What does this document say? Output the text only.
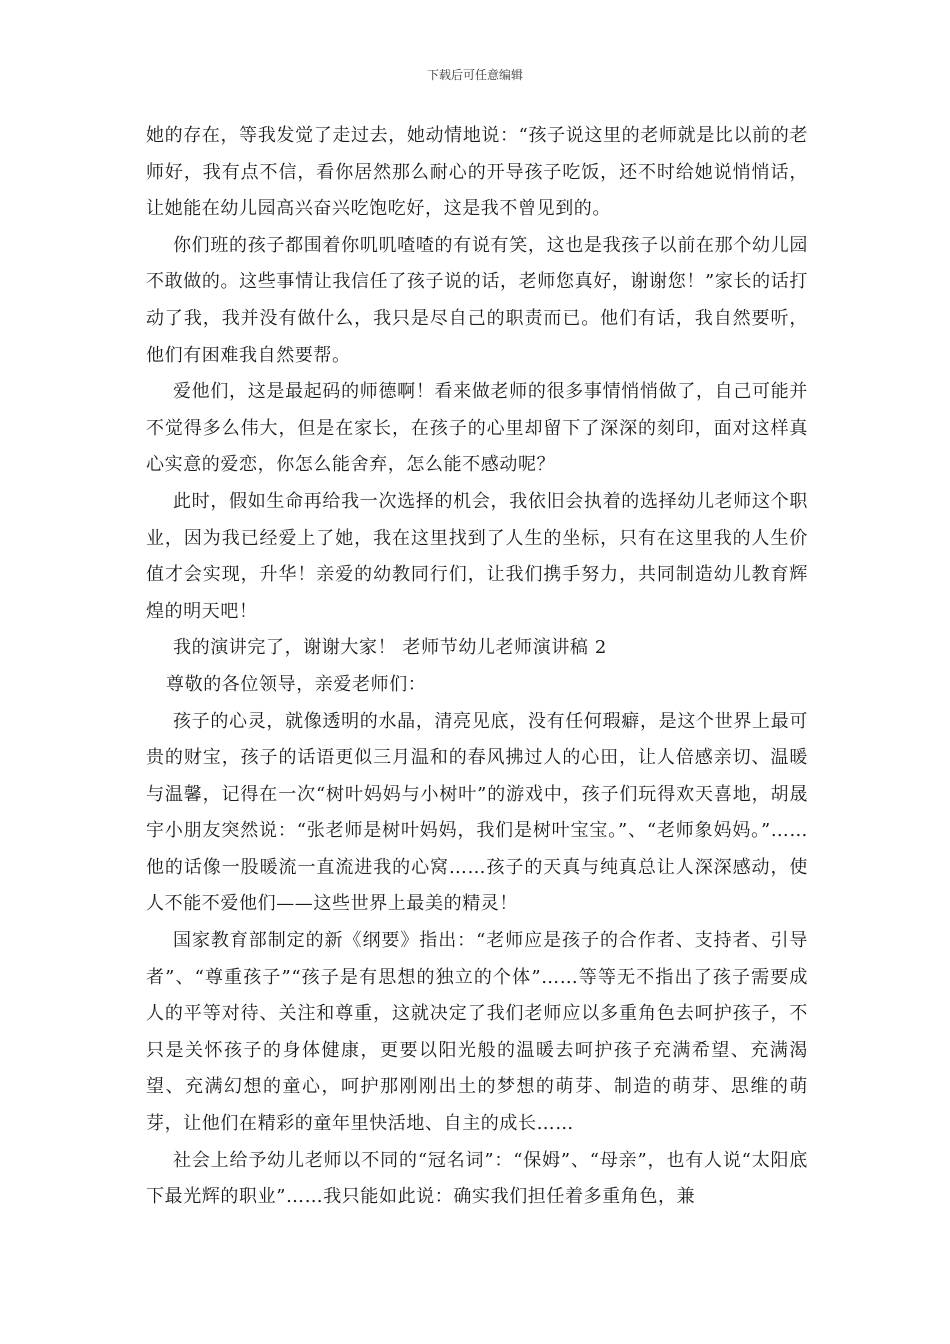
下载后可任意编辑

她的存在，等我发觉了走过去，她动情地说：“孩子说这里的老师就是比以前的老师好，我有点不信，看你居然那么耐心的开导孩子吃饭，还不时给她说悄悄话，让她能在幼儿园高兴奋兴吃饱吃好，这是我不曾见到的。

你们班的孩子都围着你叽叽喳喳的有说有笑，这也是我孩子以前在那个幼儿园不敢做的。这些事情让我信任了孩子说的话，老师您真好，谢谢您！”家长的话打动了我，我并没有做什么，我只是尽自己的职责而已。他们有话，我自然要听，他们有困难我自然要帮。

爱他们，这是最起码的师德啊！看来做老师的很多事情悄悄做了，自己可能并不觉得多么伟大，但是在家长，在孩子的心里却留下了深深的刻印，面对这样真心实意的爱恋，你怎么能舍弃，怎么能不感动呢？

此时，假如生命再给我一次选择的机会，我依旧会执着的选择幼儿老师这个职业，因为我已经爱上了她，我在这里找到了人生的坐标，只有在这里我的人生价值才会实现，升华！亲爱的幼教同行们，让我们携手努力，共同制造幼儿教育辉煌的明天吧！

我的演讲完了，谢谢大家！ 老师节幼儿老师演讲稿 2

尊敬的各位领导，亲爱老师们：

孩子的心灵，就像透明的水晶，清亮见底，没有任何瑕癖，是这个世界上最可贵的财宝，孩子的话语更似三月温和的春风拂过人的心田，让人倍感亲切、温暖与温馨，记得在一次“树叶妈妈与小树叶”的游戏中，孩子们玩得欢天喜地，胡晟宇小朋友突然说：“张老师是树叶妈妈，我们是树叶宝宝。”、“老师象妈妈。”……他的话像一股暖流一直流进我的心窝……孩子的天真与纯真总让人深深感动，使人不能不爱他们——这些世界上最美的精灵！

国家教育部制定的新《纲要》指出：“老师应是孩子的合作者、支持者、引导者”、“尊重孩子”“孩子是有思想的独立的个体”……等等无不指出了孩子需要成人的平等对待、关注和尊重，这就决定了我们老师应以多重角色去呵护孩子，不只是关怀孩子的身体健康，更要以阳光般的温暖去呵护孩子充满希望、充满渴望、充满幻想的童心，呵护那刚刚出土的梦想的萌芽、制造的萌芽、思维的萌芽，让他们在精彩的童年里快活地、自主的成长……

社会上给予幼儿老师以不同的“冠名词”：“保姆”、“母亲”，也有人说“太阳底下最光辉的职业”……我只能如此说：确实我们担任着多重角色，兼
